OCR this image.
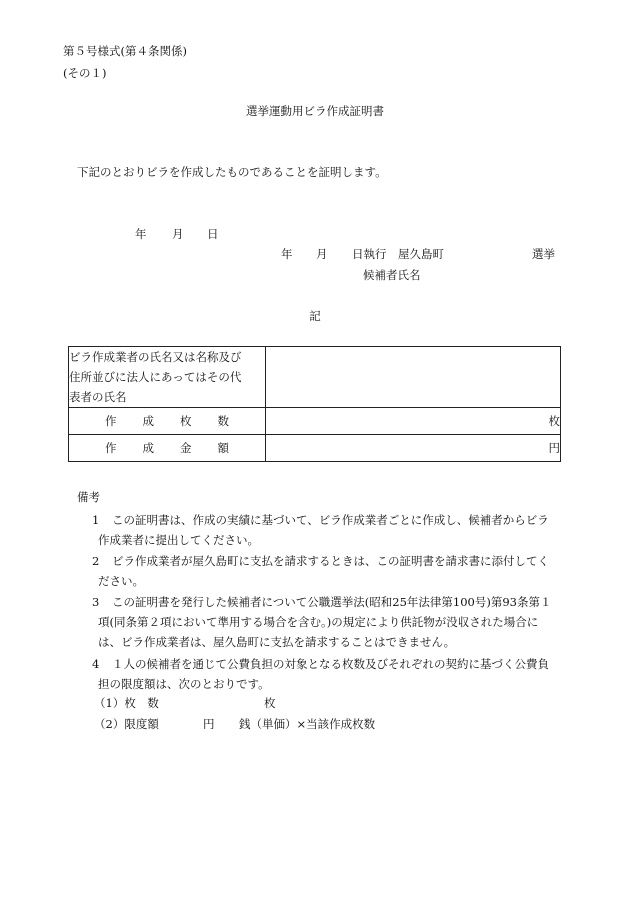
第５号様式(第４条関係)
(その１)
選挙運動用ビラ作成証明書
下記のとおりビラを作成したものであることを証明します。
年 月 日
年 月 日執行 屋久島町	選挙
候補者氏名
記
ビラ作成業者の氏名又は名称及び
住所並びに法人にあってはその代
表者の氏名	

作 成 枚 数	枚

作 成 金 額	円
備考
1	この証明書は、作成の実績に基づいて、ビラ作成業者ごとに作成し、候補者からビラ
作成業者に提出してください。
2	ビラ作成業者が屋久島町に支払を請求するときは、この証明書を請求書に添付してく
ださい。
3	この証明書を発行した候補者について公職選挙法(昭和25年法律第100号)第93条第１
項(同条第２項において準用する場合を含む。)の規定により供託物が没収された場合に
は、ビラ作成業者は、屋久島町に支払を請求することはできません。
4	１人の候補者を通じて公費負担の対象となる枚数及びそれぞれの契約に基づく公費負
担の限度額は、次のとおりです。
（1）枚　数	枚
（2）限度額	円 銭（単価）×当該作成枚数
